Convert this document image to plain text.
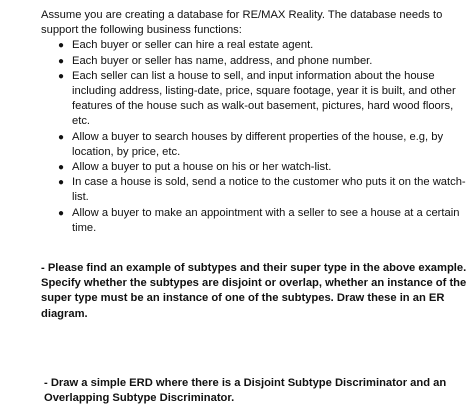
Assume you are creating a database for RE/MAX Reality. The database needs to support the following business functions:

● Each buyer or seller can hire a real estate agent.
● Each buyer or seller has name, address, and phone number.
● Each seller can list a house to sell, and input information about the house including address, listing-date, price, square footage, year it is built, and other features of the house such as walk-out basement, pictures, hard wood floors, etc.
● Allow a buyer to search houses by different properties of the house, e.g, by location, by price, etc.
● Allow a buyer to put a house on his or her watch-list.
● In case a house is sold, send a notice to the customer who puts it on the watch-list.
● Allow a buyer to make an appointment with a seller to see a house at a certain time.

- Please find an example of subtypes and their super type in the above example. Specify whether the subtypes are disjoint or overlap, whether an instance of the super type must be an instance of one of the subtypes. Draw these in an ER diagram.

- Draw a simple ERD where there is a Disjoint Subtype Discriminator and an Overlapping Subtype Discriminator.
